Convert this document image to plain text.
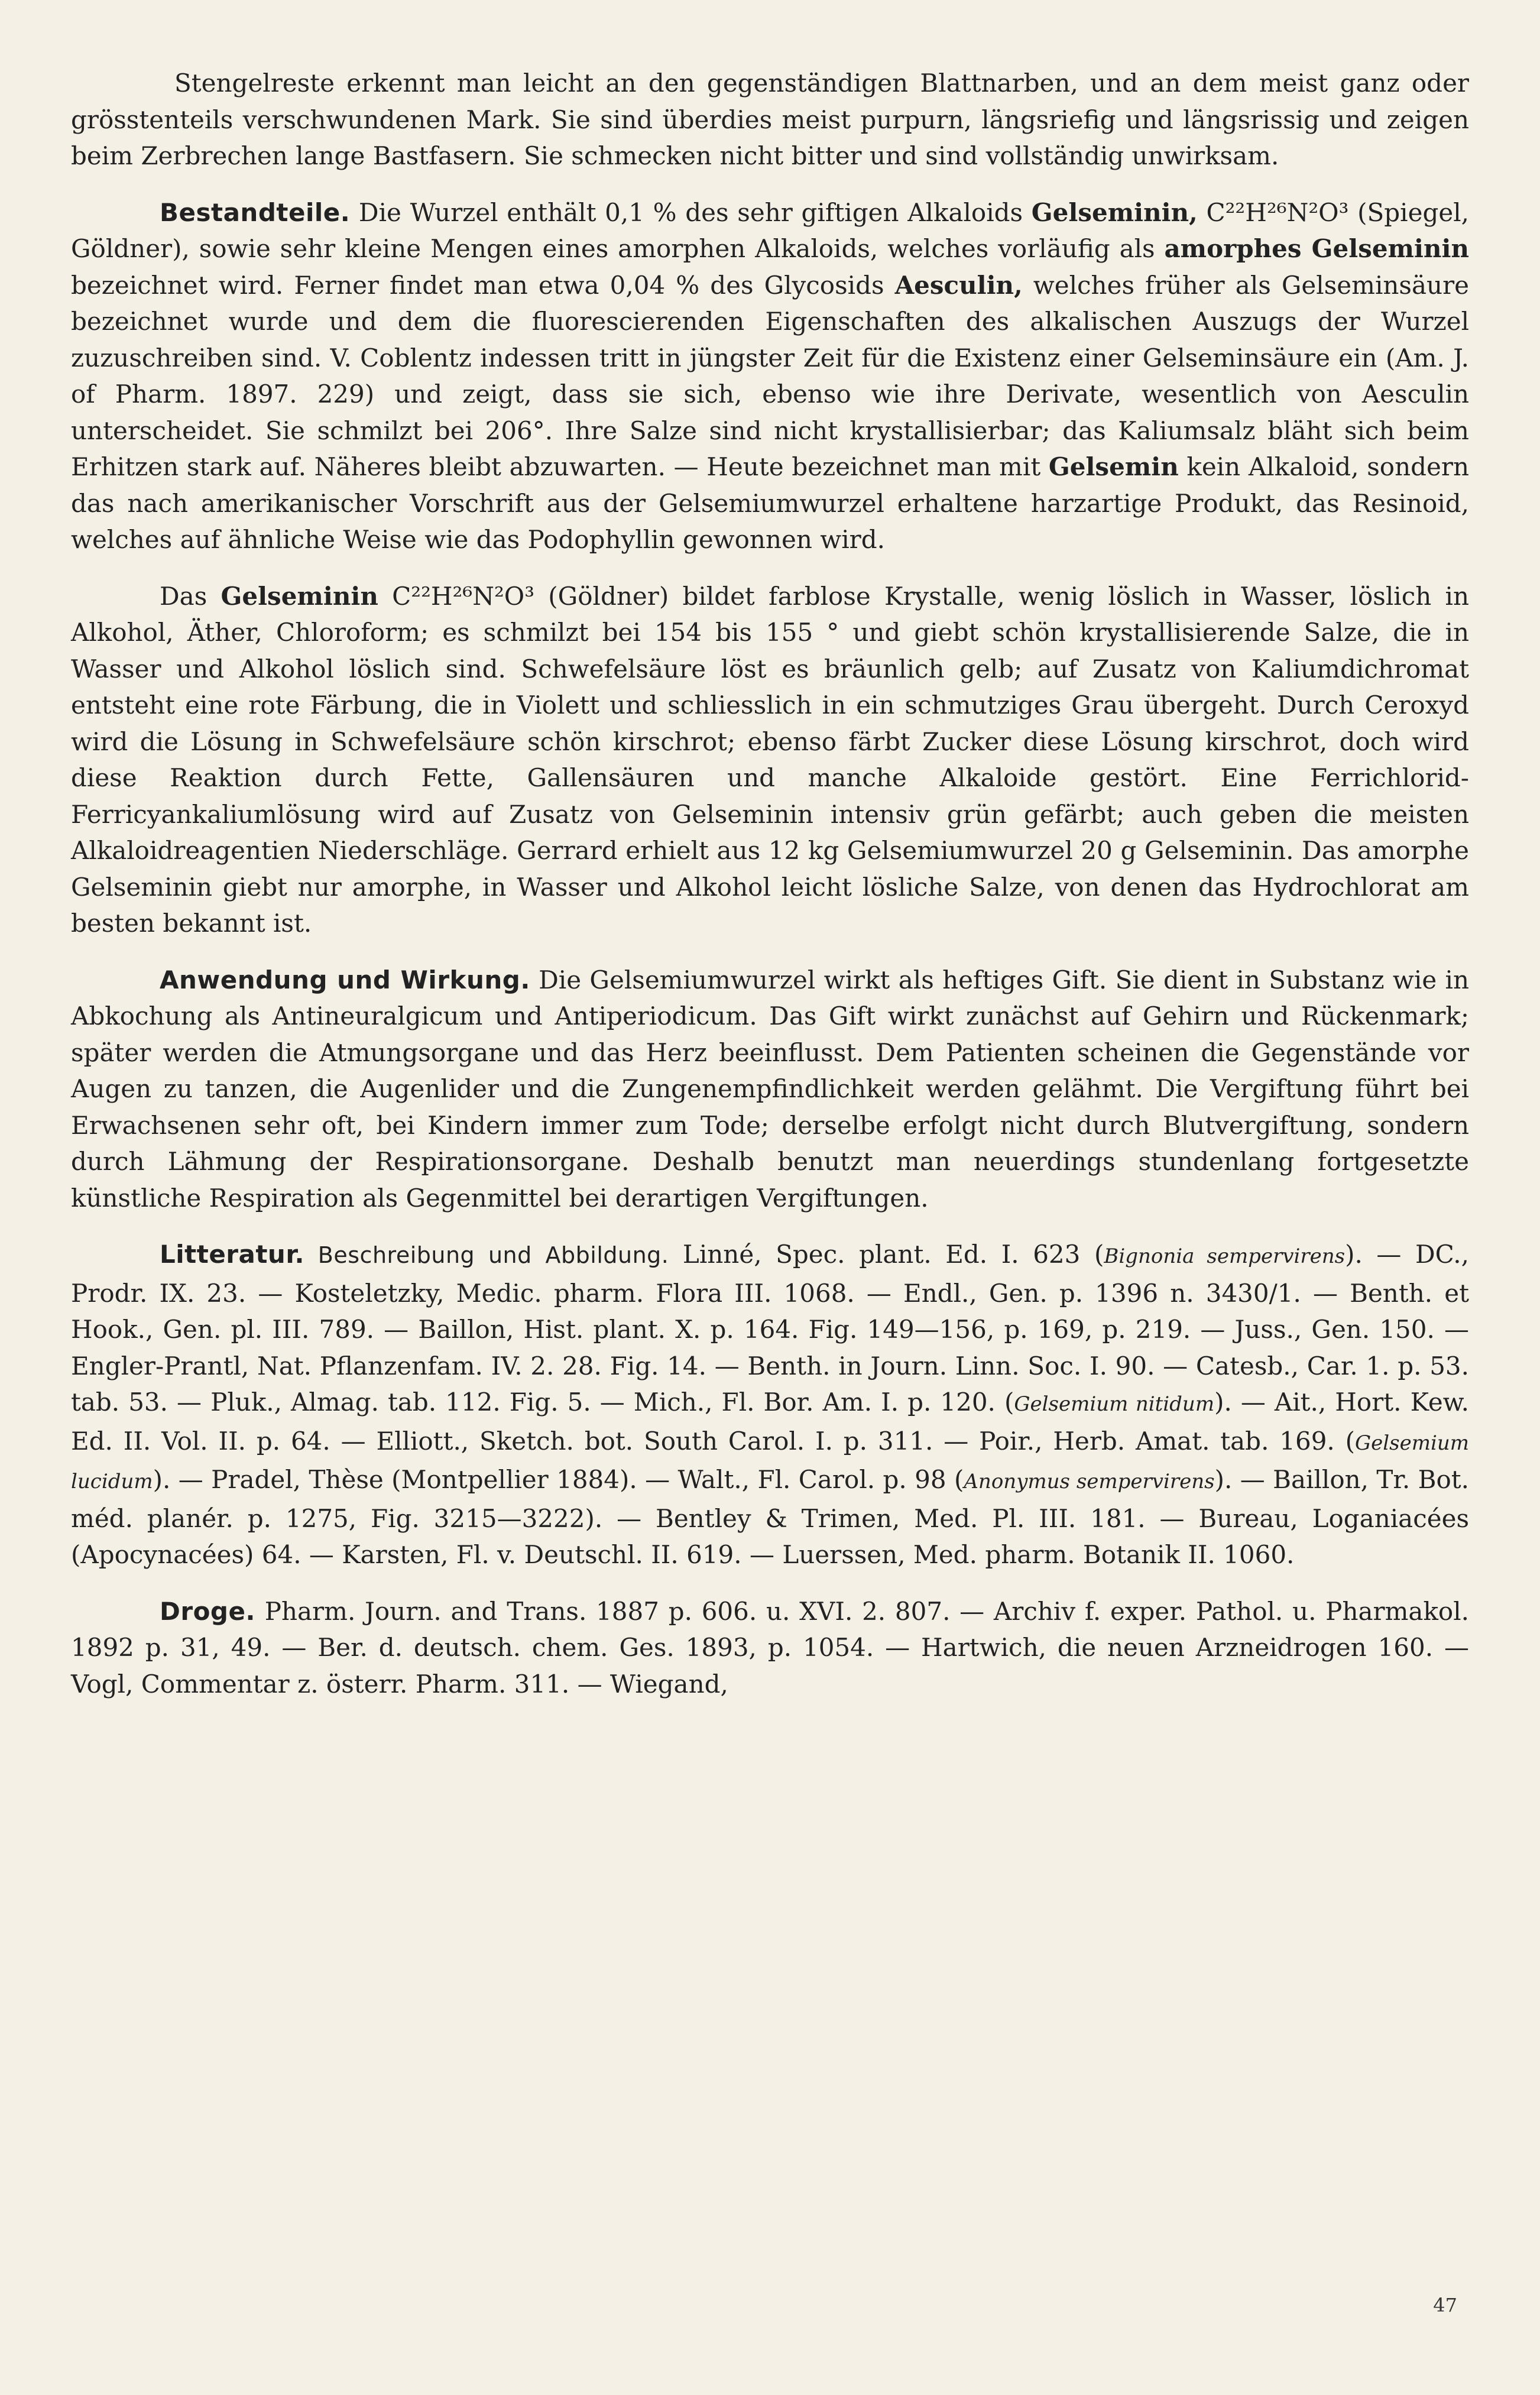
Stengelreste erkennt man leicht an den gegenständigen Blattnarben, und an dem meist ganz oder grösstenteils verschwundenen Mark. Sie sind überdies meist purpurn, längsriefig und längsrissig und zeigen beim Zerbrechen lange Bastfasern. Sie schmecken nicht bitter und sind vollständig unwirksam.

Bestandteile. Die Wurzel enthält 0,1 % des sehr giftigen Alkaloids Gelseminin, C²²H²⁶N²O³ (Spiegel, Göldner), sowie sehr kleine Mengen eines amorphen Alkaloids, welches vorläufig als amorphes Gelseminin bezeichnet wird. Ferner findet man etwa 0,04 % des Glycosids Aesculin, welches früher als Gelseminsäure bezeichnet wurde und dem die fluorescierenden Eigenschaften des alkalischen Auszugs der Wurzel zuzuschreiben sind. V. Coblentz indessen tritt in jüngster Zeit für die Existenz einer Gelseminsäure ein (Am. J. of Pharm. 1897. 229) und zeigt, dass sie sich, ebenso wie ihre Derivate, wesentlich von Aesculin unterscheidet. Sie schmilzt bei 206°. Ihre Salze sind nicht krystallisierbar; das Kaliumsalz bläht sich beim Erhitzen stark auf. Näheres bleibt abzuwarten. — Heute bezeichnet man mit Gelsemin kein Alkaloid, sondern das nach amerikanischer Vorschrift aus der Gelsemiumwurzel erhaltene harzartige Produkt, das Resinoid, welches auf ähnliche Weise wie das Podophyllin gewonnen wird.

Das Gelseminin C²²H²⁶N²O³ (Göldner) bildet farblose Krystalle, wenig löslich in Wasser, löslich in Alkohol, Äther, Chloroform; es schmilzt bei 154 bis 155 ° und giebt schön krystallisierende Salze, die in Wasser und Alkohol löslich sind. Schwefelsäure löst es bräunlich gelb; auf Zusatz von Kaliumdichromat entsteht eine rote Färbung, die in Violett und schliesslich in ein schmutziges Grau übergeht. Durch Ceroxyd wird die Lösung in Schwefelsäure schön kirschrot; ebenso färbt Zucker diese Lösung kirschrot, doch wird diese Reaktion durch Fette, Gallensäuren und manche Alkaloide gestört. Eine Ferrichlorid-Ferricyankaliumlösung wird auf Zusatz von Gelseminin intensiv grün gefärbt; auch geben die meisten Alkaloidreagentien Niederschläge. Gerrard erhielt aus 12 kg Gelsemiumwurzel 20 g Gelseminin. Das amorphe Gelseminin giebt nur amorphe, in Wasser und Alkohol leicht lösliche Salze, von denen das Hydrochlorat am besten bekannt ist.

Anwendung und Wirkung. Die Gelsemiumwurzel wirkt als heftiges Gift. Sie dient in Substanz wie in Abkochung als Antineuralgicum und Antiperiodicum. Das Gift wirkt zunächst auf Gehirn und Rückenmark; später werden die Atmungsorgane und das Herz beeinflusst. Dem Patienten scheinen die Gegenstände vor Augen zu tanzen, die Augenlider und die Zungenempfindlichkeit werden gelähmt. Die Vergiftung führt bei Erwachsenen sehr oft, bei Kindern immer zum Tode; derselbe erfolgt nicht durch Blutvergiftung, sondern durch Lähmung der Respirationsorgane. Deshalb benutzt man neuerdings stundenlang fortgesetzte künstliche Respiration als Gegenmittel bei derartigen Vergiftungen.

Litteratur. Beschreibung und Abbildung. Linné, Spec. plant. Ed. I. 623 (Bignonia sempervirens). — DC., Prodr. IX. 23. — Kosteletzky, Medic. pharm. Flora III. 1068. — Endl., Gen. p. 1396 n. 3430/1. — Benth. et Hook., Gen. pl. III. 789. — Baillon, Hist. plant. X. p. 164. Fig. 149—156, p. 169, p. 219. — Juss., Gen. 150. — Engler-Prantl, Nat. Pflanzenfam. IV. 2. 28. Fig. 14. — Benth. in Journ. Linn. Soc. I. 90. — Catesb., Car. 1. p. 53. tab. 53. — Pluk., Almag. tab. 112. Fig. 5. — Mich., Fl. Bor. Am. I. p. 120. (Gelsemium nitidum). — Ait., Hort. Kew. Ed. II. Vol. II. p. 64. — Elliott., Sketch. bot. South Carol. I. p. 311. — Poir., Herb. Amat. tab. 169. (Gelsemium lucidum). — Pradel, Thèse (Montpellier 1884). — Walt., Fl. Carol. p. 98 (Anonymus sempervirens). — Baillon, Tr. Bot. méd. planér. p. 1275, Fig. 3215—3222). — Bentley & Trimen, Med. Pl. III. 181. — Bureau, Loganiacées (Apocynacées) 64. — Karsten, Fl. v. Deutschl. II. 619. — Luerssen, Med. pharm. Botanik II. 1060.

Droge. Pharm. Journ. and Trans. 1887 p. 606. u. XVI. 2. 807. — Archiv f. exper. Pathol. u. Pharmakol. 1892 p. 31, 49. — Ber. d. deutsch. chem. Ges. 1893, p. 1054. — Hartwich, die neuen Arzneidrogen 160. — Vogl, Commentar z. österr. Pharm. 311. — Wiegand,

47
